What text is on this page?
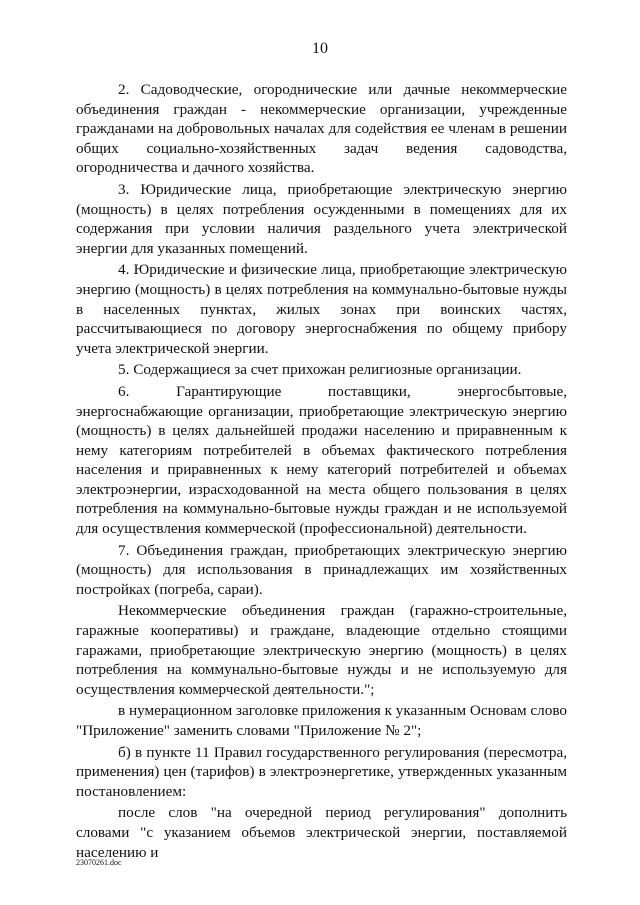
10

2. Садоводческие, огороднические или дачные некоммерческие объединения граждан - некоммерческие организации, учрежденные гражданами на добровольных началах для содействия ее членам в решении общих социально-хозяйственных задач ведения садоводства, огородничества и дачного хозяйства.

3. Юридические лица, приобретающие электрическую энергию (мощность) в целях потребления осужденными в помещениях для их содержания при условии наличия раздельного учета электрической энергии для указанных помещений.

4. Юридические и физические лица, приобретающие электрическую энергию (мощность) в целях потребления на коммунально-бытовые нужды в населенных пунктах, жилых зонах при воинских частях, рассчитывающиеся по договору энергоснабжения по общему прибору учета электрической энергии.

5. Содержащиеся за счет прихожан религиозные организации.

6. Гарантирующие поставщики, энергосбытовые, энергоснабжающие организации, приобретающие электрическую энергию (мощность) в целях дальнейшей продажи населению и приравненным к нему категориям потребителей в объемах фактического потребления населения и приравненных к нему категорий потребителей и объемах электроэнергии, израсходованной на места общего пользования в целях потребления на коммунально-бытовые нужды граждан и не используемой для осуществления коммерческой (профессиональной) деятельности.

7. Объединения граждан, приобретающих электрическую энергию (мощность) для использования в принадлежащих им хозяйственных постройках (погреба, сараи).

Некоммерческие объединения граждан (гаражно-строительные, гаражные кооперативы) и граждане, владеющие отдельно стоящими гаражами, приобретающие электрическую энергию (мощность) в целях потребления на коммунально-бытовые нужды и не используемую для осуществления коммерческой деятельности.";

в нумерационном заголовке приложения к указанным Основам слово "Приложение" заменить словами "Приложение № 2";

б) в пункте 11 Правил государственного регулирования (пересмотра, применения) цен (тарифов) в электроэнергетике, утвержденных указанным постановлением:

после слов "на очередной период регулирования" дополнить словами "с указанием объемов электрической энергии, поставляемой населению и

23070261.doc
